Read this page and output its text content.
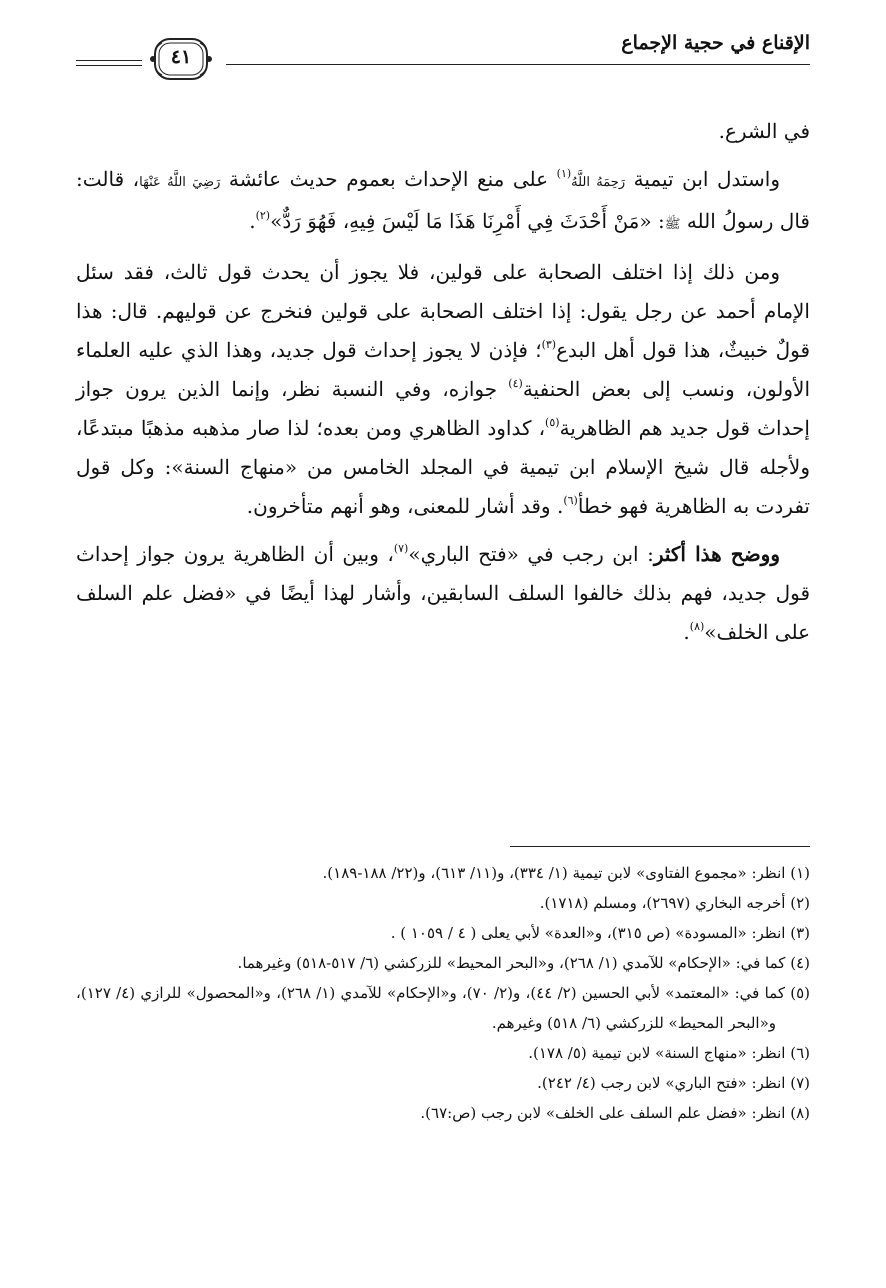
الإقناع في حجية الإجماع
٤١

في الشرع.

واستدل ابن تيمية رَحِمَهُ اللَّهُ$^{(١)}$ على منع الإحداث بعموم حديث عائشة رَضِيَ اللَّهُ عَنْهَا، قالت: قال رسولُ الله ﷺ: «مَنْ أَحْدَثَ فِي أَمْرِنَا هَذَا مَا لَيْسَ فِيهِ، فَهُوَ رَدٌّ»$^{(٢)}$.

ومن ذلك إذا اختلف الصحابة على قولين، فلا يجوز أن يحدث قول ثالث، فقد سئل الإمام أحمد عن رجل يقول: إذا اختلف الصحابة على قولين فنخرج عن قوليهم. قال: هذا قولٌ خبيثٌ، هذا قول أهل البدع$^{(٣)}$؛ فإذن لا يجوز إحداث قول جديد، وهذا الذي عليه العلماء الأولون، ونسب إلى بعض الحنفية$^{(٤)}$ جوازه، وفي النسبة نظر، وإنما الذين يرون جواز إحداث قول جديد هم الظاهرية$^{(٥)}$، كداود الظاهري ومن بعده؛ لذا صار مذهبه مذهبًا مبتدعًا، ولأجله قال شيخ الإسلام ابن تيمية في المجلد الخامس من «منهاج السنة»: وكل قول تفردت به الظاهرية فهو خطأ$^{(٦)}$. وقد أشار للمعنى، وهو أنهم متأخرون.

ووضح هذا أكثر: ابن رجب في «فتح الباري»$^{(٧)}$، وبين أن الظاهرية يرون جواز إحداث قول جديد، فهم بذلك خالفوا السلف السابقين، وأشار لهذا أيضًا في «فضل علم السلف على الخلف»$^{(٨)}$.

(١) انظر: «مجموع الفتاوى» لابن تيمية (١/ ٣٣٤)، و(١١/ ٦١٣)، و(٢٢/ ١٨٨-١٨٩).

(٢) أخرجه البخاري (٢٦٩٧)، ومسلم (١٧١٨).

(٣) انظر: «المسودة» (ص ٣١٥)، و«العدة» لأبي يعلى ( ٤ / ١٠٥٩ ) .

(٤) كما في: «الإحكام» للآمدي (١/ ٢٦٨)، و«البحر المحيط» للزركشي (٦/ ٥١٧-٥١٨) وغيرهما.

(٥) كما في: «المعتمد» لأبي الحسين (٢/ ٤٤)، و(٢/ ٧٠)، و«الإحكام» للآمدي (١/ ٢٦٨)، و«المحصول» للرازي (٤/ ١٢٧)، و«البحر المحيط» للزركشي (٦/ ٥١٨) وغيرهم.

(٦) انظر: «منهاج السنة» لابن تيمية (٥/ ١٧٨).

(٧) انظر: «فتح الباري» لابن رجب (٤/ ٢٤٢).

(٨) انظر: «فضل علم السلف على الخلف» لابن رجب (ص:٦٧).
